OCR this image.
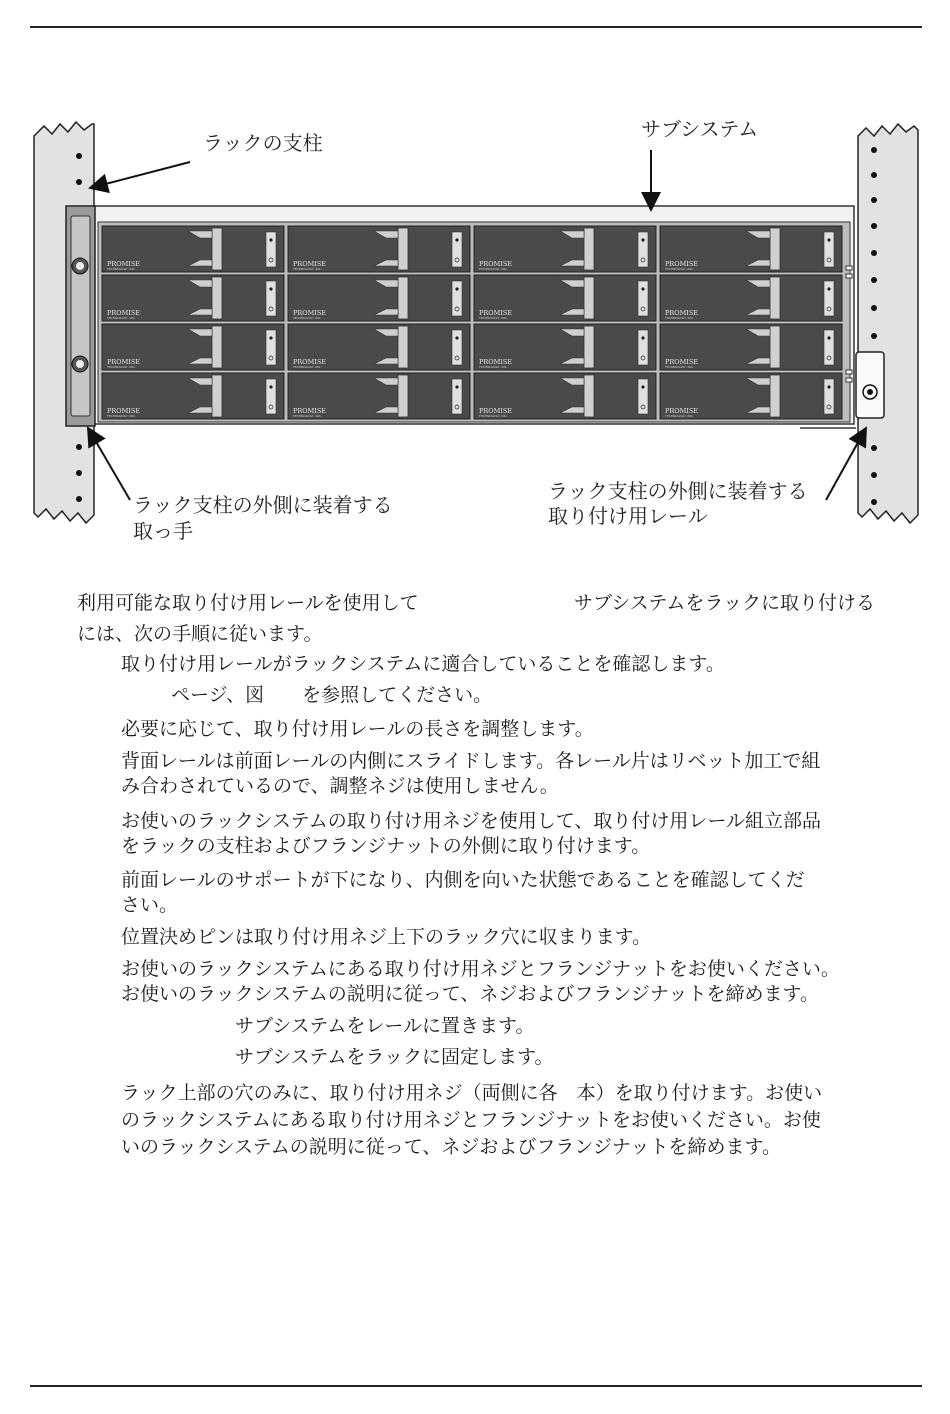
PROMISE
TECHNOLOGY, INC.
PROMISE
TECHNOLOGY, INC.
PROMISE
TECHNOLOGY, INC.
PROMISE
TECHNOLOGY, INC.
PROMISE
TECHNOLOGY, INC.
PROMISE
TECHNOLOGY, INC.
PROMISE
TECHNOLOGY, INC.
PROMISE
TECHNOLOGY, INC.
PROMISE
TECHNOLOGY, INC.
PROMISE
TECHNOLOGY, INC.
PROMISE
TECHNOLOGY, INC.
PROMISE
TECHNOLOGY, INC.
PROMISE
TECHNOLOGY, INC.
PROMISE
TECHNOLOGY, INC.
PROMISE
TECHNOLOGY, INC.
PROMISE
TECHNOLOGY, INC.
ラックの支柱
サブシステム
ラック支柱の外側に装着する
取っ手
ラック支柱の外側に装着する
取り付け用レール
利用可能な取り付け用レールを使用して	サブシステムをラックに取り付ける
には、次の手順に従います。
取り付け用レールがラックシステムに適合していることを確認します。
ページ、図　　を参照してください。
必要に応じて、取り付け用レールの長さを調整します。
背面レールは前面レールの内側にスライドします。各レール片はリベット加工で組
み合わされているので、調整ネジは使用しません。
お使いのラックシステムの取り付け用ネジを使用して、取り付け用レール組立部品
をラックの支柱およびフランジナットの外側に取り付けます。
前面レールのサポートが下になり、内側を向いた状態であることを確認してくだ
さい。
位置決めピンは取り付け用ネジ上下のラック穴に収まります。
お使いのラックシステムにある取り付け用ネジとフランジナットをお使いください。
お使いのラックシステムの説明に従って、ネジおよびフランジナットを締めます。
サブシステムをレールに置きます。
サブシステムをラックに固定します。
ラック上部の穴のみに、取り付け用ネジ（両側に各　本）を取り付けます。お使い
のラックシステムにある取り付け用ネジとフランジナットをお使いください。お使
いのラックシステムの説明に従って、ネジおよびフランジナットを締めます。
